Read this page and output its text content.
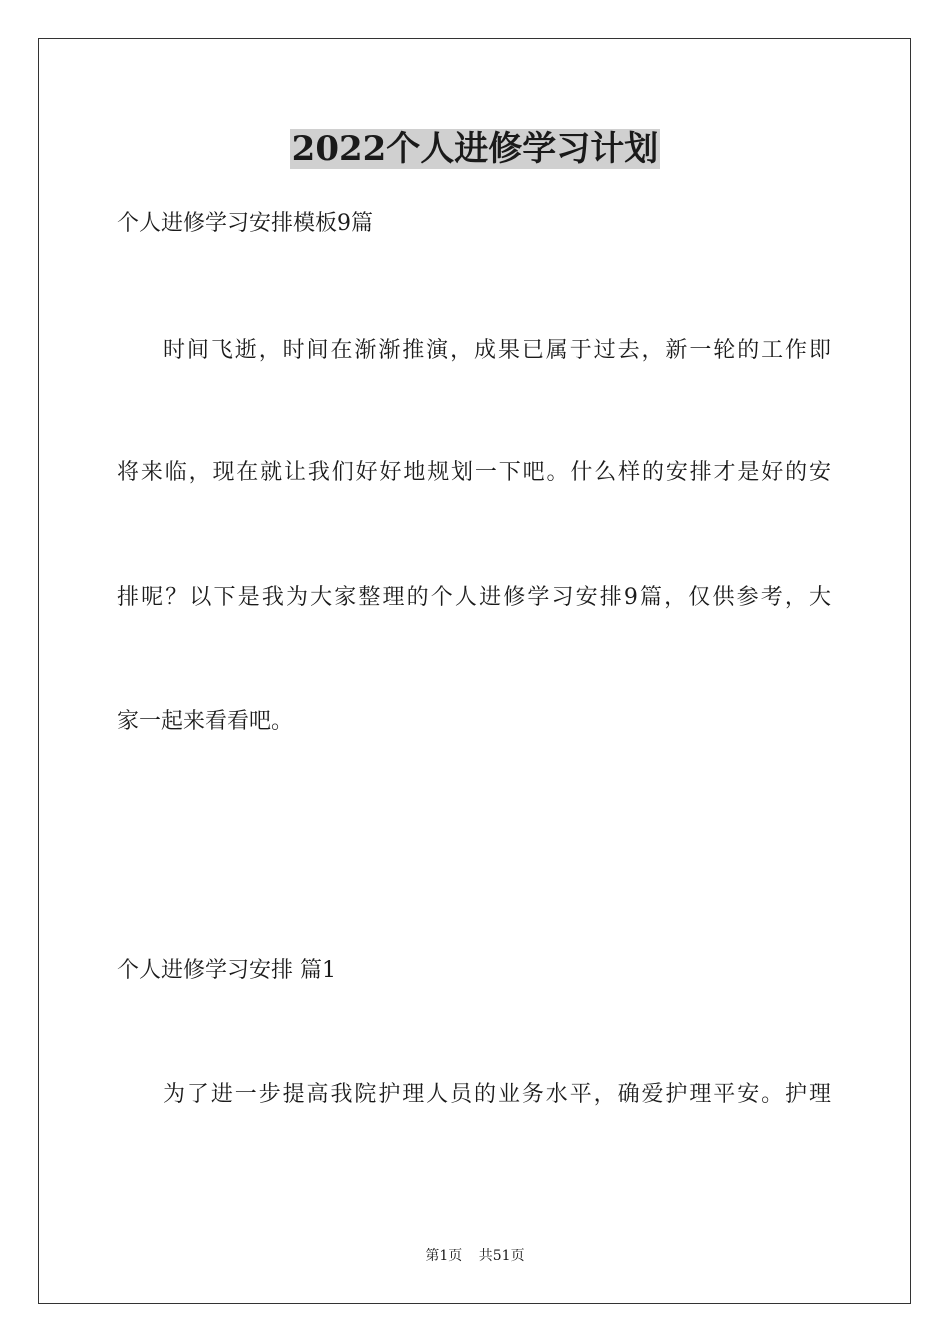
2022个人进修学习计划
个人进修学习安排模板9篇
时间飞逝，时间在渐渐推演，成果已属于过去，新一轮的工作即
将来临，现在就让我们好好地规划一下吧。什么样的安排才是好的安
排呢？以下是我为大家整理的个人进修学习安排9篇，仅供参考，大
家一起来看看吧。
个人进修学习安排 篇1
为了进一步提高我院护理人员的业务水平，确爱护理平安。护理
第1页 共51页
